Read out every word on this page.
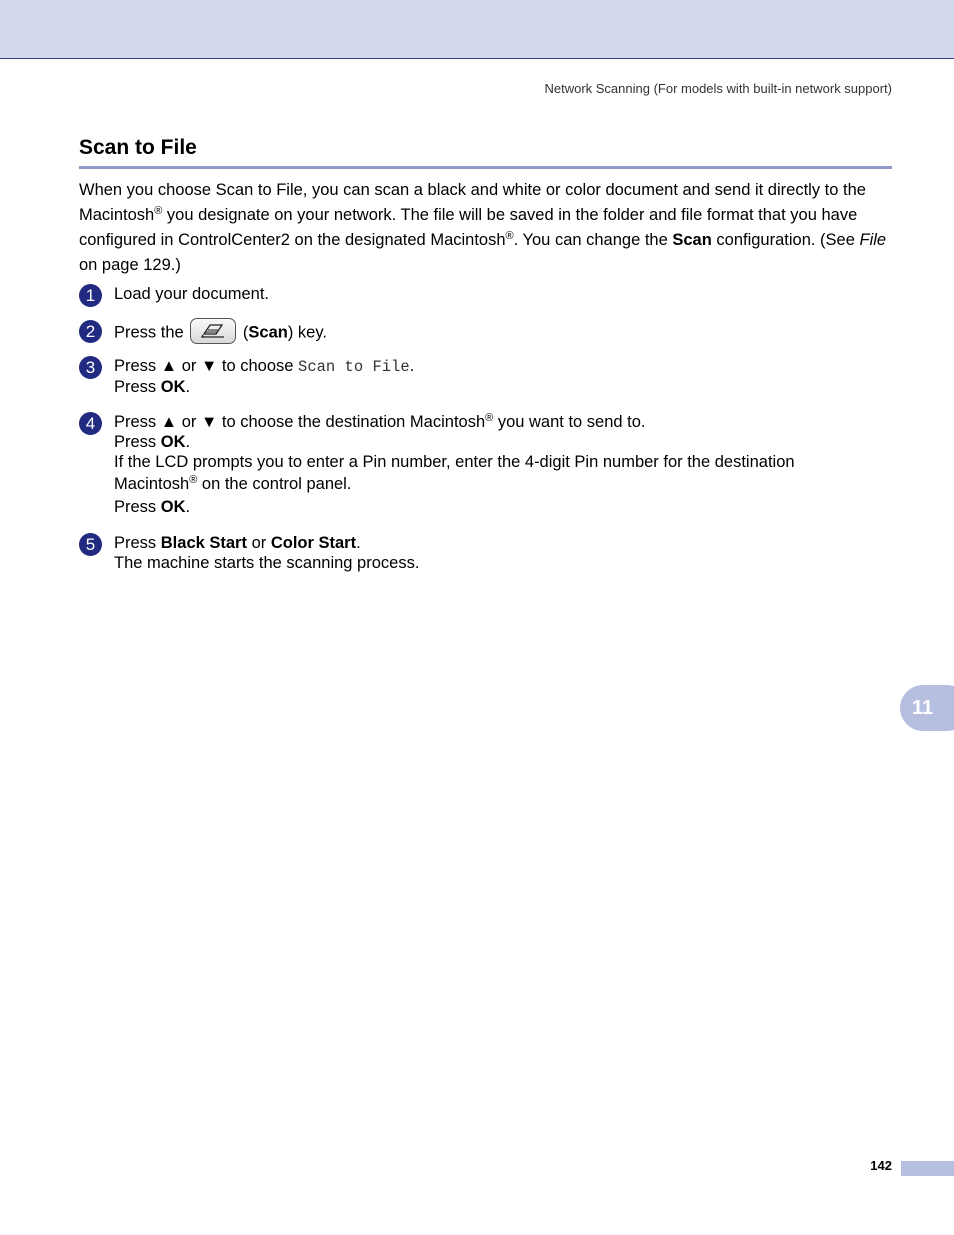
Network Scanning (For models with built-in network support)
Scan to File

When you choose Scan to File, you can scan a black and white or color document and send it directly to the Macintosh® you designate on your network. The file will be saved in the folder and file format that you have configured in ControlCenter2 on the designated Macintosh®. You can change the Scan configuration. (See File on page 129.)

1	Load your document.
2	Press the	(Scan) key.
3	Press ▲ or ▼ to choose Scan to File.
Press OK.
4	Press ▲ or ▼ to choose the destination Macintosh® you want to send to.
Press OK.
If the LCD prompts you to enter a Pin number, enter the 4-digit Pin number for the destination
Macintosh® on the control panel.
Press OK.
5	Press Black Start or Color Start.
The machine starts the scanning process.
11
142
